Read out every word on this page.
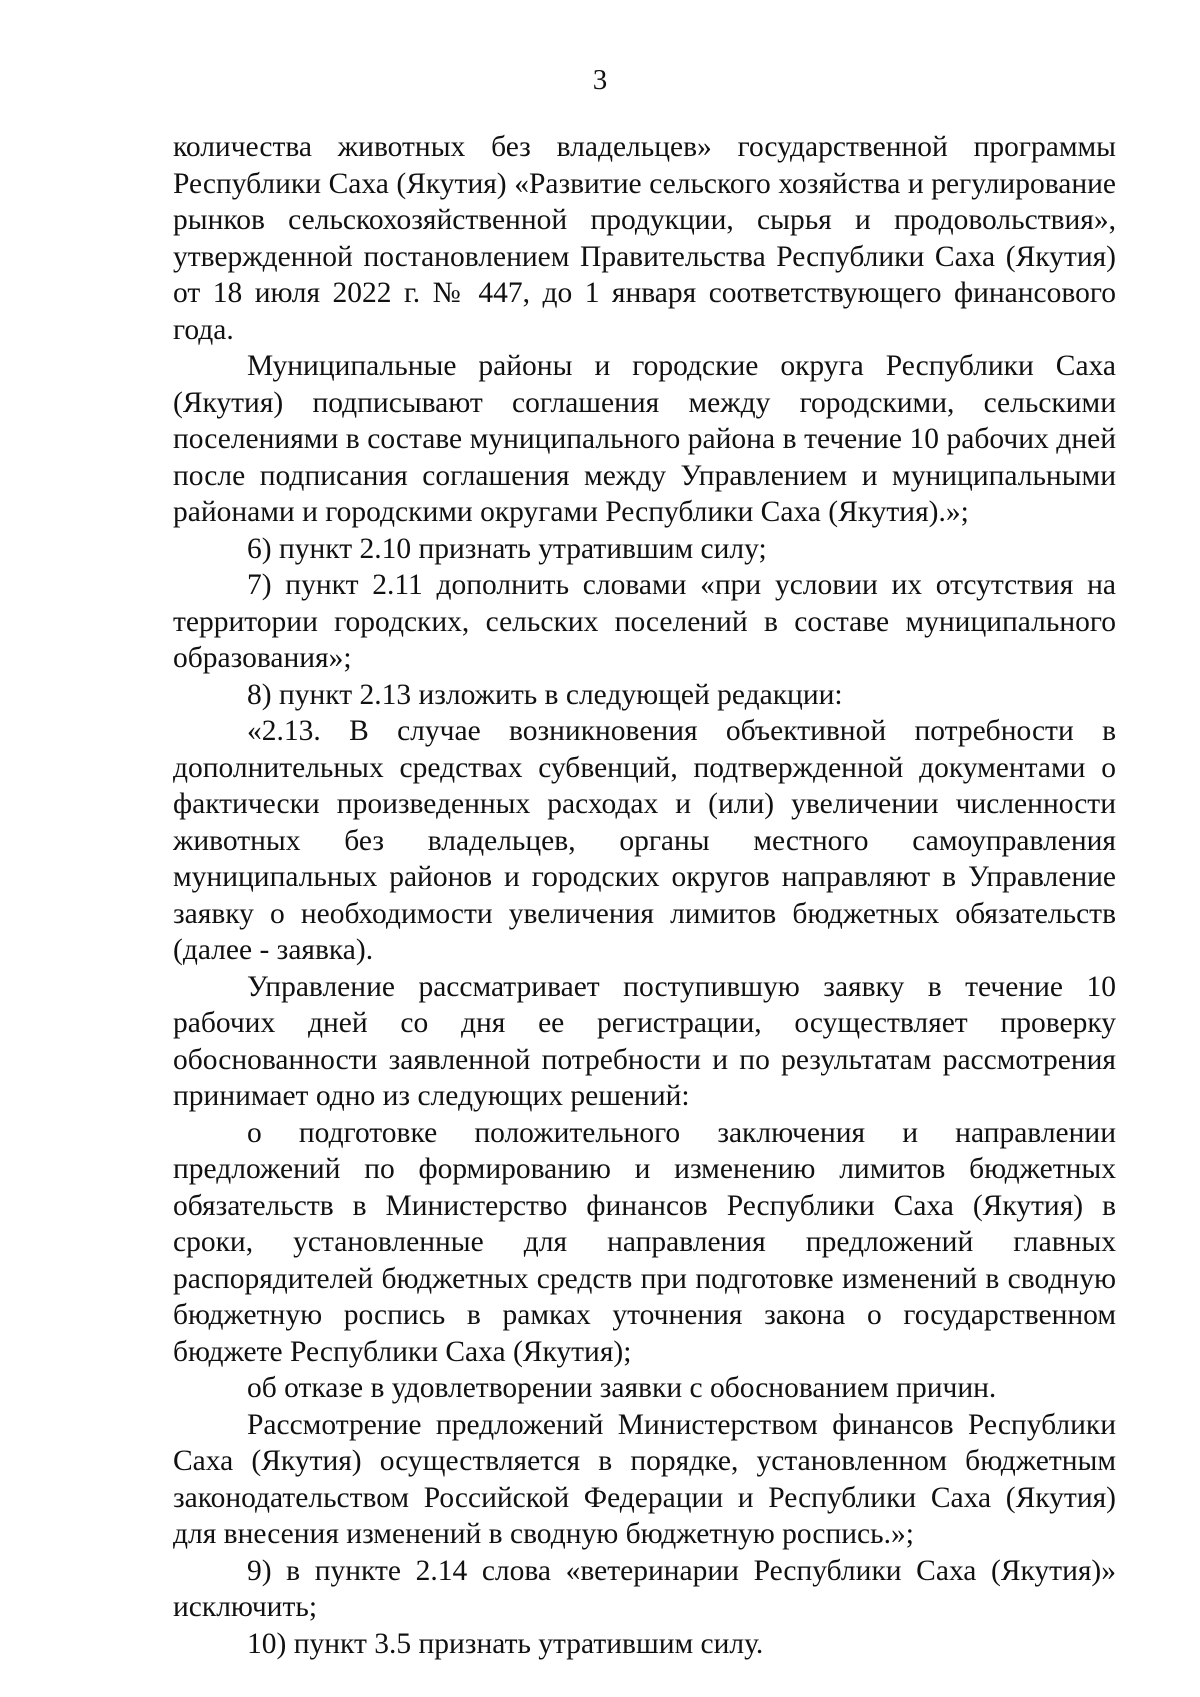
3

количества животных без владельцев» государственной программы Республики Саха (Якутия) «Развитие сельского хозяйства и регулирование рынков сельскохозяйственной продукции, сырья и продовольствия», утвержденной постановлением Правительства Республики Саха (Якутия) от 18 июля 2022 г. № 447, до 1 января соответствующего финансового года.

Муниципальные районы и городские округа Республики Саха (Якутия) подписывают соглашения между городскими, сельскими поселениями в составе муниципального района в течение 10 рабочих дней после подписания соглашения между Управлением и муниципальными районами и городскими округами Республики Саха (Якутия).»;

6) пункт 2.10 признать утратившим силу;

7) пункт 2.11 дополнить словами «при условии их отсутствия на территории городских, сельских поселений в составе муниципального образования»;

8) пункт 2.13 изложить в следующей редакции:

«2.13. В случае возникновения объективной потребности в дополнительных средствах субвенций, подтвержденной документами о фактически произведенных расходах и (или) увеличении численности животных без владельцев, органы местного самоуправления муниципальных районов и городских округов направляют в Управление заявку о необходимости увеличения лимитов бюджетных обязательств (далее - заявка).

Управление рассматривает поступившую заявку в течение 10 рабочих дней со дня ее регистрации, осуществляет проверку обоснованности заявленной потребности и по результатам рассмотрения принимает одно из следующих решений:

о подготовке положительного заключения и направлении предложений по формированию и изменению лимитов бюджетных обязательств в Министерство финансов Республики Саха (Якутия) в сроки, установленные для направления предложений главных распорядителей бюджетных средств при подготовке изменений в сводную бюджетную роспись в рамках уточнения закона о государственном бюджете Республики Саха (Якутия);

об отказе в удовлетворении заявки с обоснованием причин.

Рассмотрение предложений Министерством финансов Республики Саха (Якутия) осуществляется в порядке, установленном бюджетным законодательством Российской Федерации и Республики Саха (Якутия) для внесения изменений в сводную бюджетную роспись.»;

9) в пункте 2.14 слова «ветеринарии Республики Саха (Якутия)» исключить;

10) пункт 3.5 признать утратившим силу.
